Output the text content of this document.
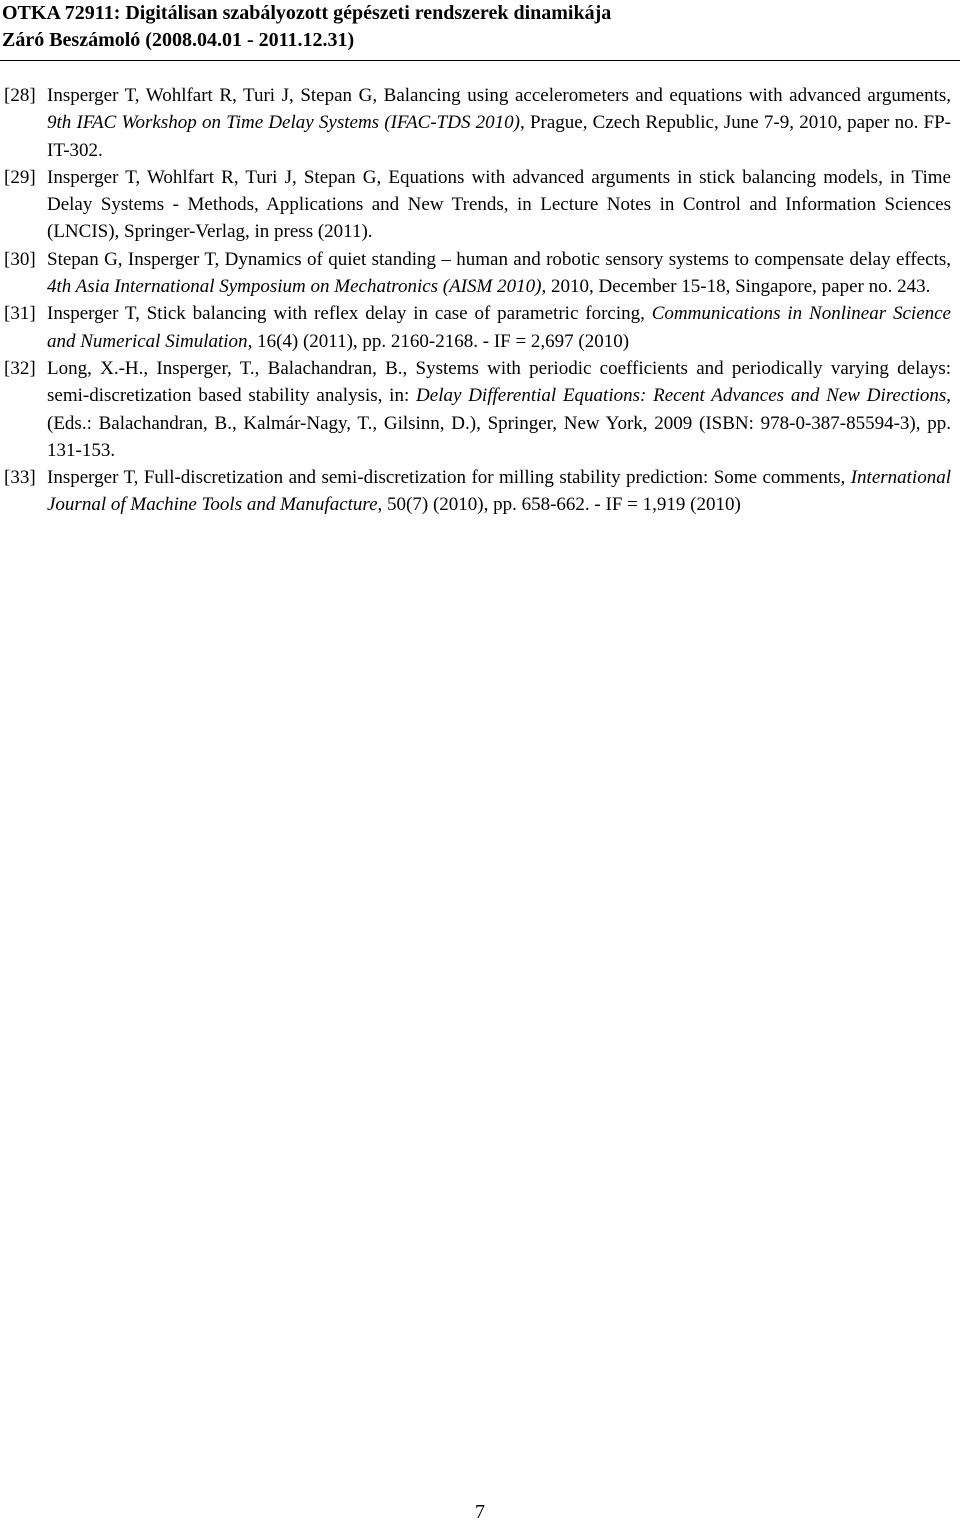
OTKA 72911: Digitálisan szabályozott gépészeti rendszerek dinamikája

Záró Beszámoló (2008.04.01 - 2011.12.31)

[28] Insperger T, Wohlfart R, Turi J, Stepan G, Balancing using accelerometers and equations with advanced arguments, 9th IFAC Workshop on Time Delay Systems (IFAC-TDS 2010), Prague, Czech Republic, June 7-9, 2010, paper no. FP-IT-302.
[29] Insperger T, Wohlfart R, Turi J, Stepan G, Equations with advanced arguments in stick balancing models, in Time Delay Systems - Methods, Applications and New Trends, in Lecture Notes in Control and Information Sciences (LNCIS), Springer-Verlag, in press (2011).
[30] Stepan G, Insperger T, Dynamics of quiet standing – human and robotic sensory systems to compensate delay effects, 4th Asia International Symposium on Mechatronics (AISM 2010), 2010, December 15-18, Singapore, paper no. 243.
[31] Insperger T, Stick balancing with reflex delay in case of parametric forcing, Communications in Nonlinear Science and Numerical Simulation, 16(4) (2011), pp. 2160-2168. - IF = 2,697 (2010)
[32] Long, X.-H., Insperger, T., Balachandran, B., Systems with periodic coefficients and periodically varying delays: semi-discretization based stability analysis, in: Delay Differential Equations: Recent Advances and New Directions, (Eds.: Balachandran, B., Kalmár-Nagy, T., Gilsinn, D.), Springer, New York, 2009 (ISBN: 978-0-387-85594-3), pp. 131-153.
[33] Insperger T, Full-discretization and semi-discretization for milling stability prediction: Some comments, International Journal of Machine Tools and Manufacture, 50(7) (2010), pp. 658-662. - IF = 1,919 (2010)
7
